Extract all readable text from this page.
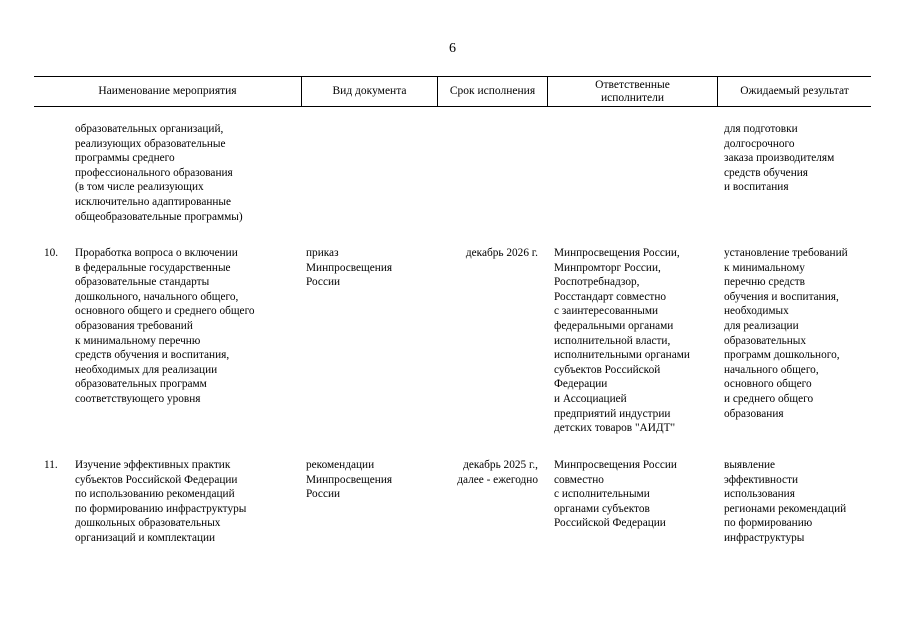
6
Наименование мероприятия	Вид документа	Срок исполнения
Ответственные
исполнители
Ожидаемый результат
образовательных организаций,
реализующих образовательные
программы среднего
профессионального образования
(в том числе реализующих
исключительно адаптированные
общеобразовательные программы)
для подготовки
долгосрочного
заказа производителям
средств обучения
и воспитания
10. Проработка вопроса о включении
в федеральные государственные
образовательные стандарты
дошкольного, начального общего,
основного общего и среднего общего
образования требований
к минимальному перечню
средств обучения и воспитания,
необходимых для реализации
образовательных программ
соответствующего уровня
приказ
Минпросвещения
России
декабрь 2026 г. Минпросвещения России,
Минпромторг России,
Роспотребнадзор,
Росстандарт совместно
с заинтересованными
федеральными органами
исполнительной власти,
исполнительными органами
субъектов Российской
Федерации
и Ассоциацией
предприятий индустрии
детских товаров "АИДТ"
установление требований
к минимальному
перечню средств
обучения и воспитания,
необходимых
для реализации
образовательных
программ дошкольного,
начального общего,
основного общего
и среднего общего
образования
11. Изучение эффективных практик
субъектов Российской Федерации
по использованию рекомендаций
по формированию инфраструктуры
дошкольных образовательных
организаций и комплектации
рекомендации
Минпросвещения
России
декабрь 2025 г.,
далее - ежегодно
Минпросвещения России
совместно
с исполнительными
органами субъектов
Российской Федерации
выявление
эффективности
использования
регионами рекомендаций
по формированию
инфраструктуры
